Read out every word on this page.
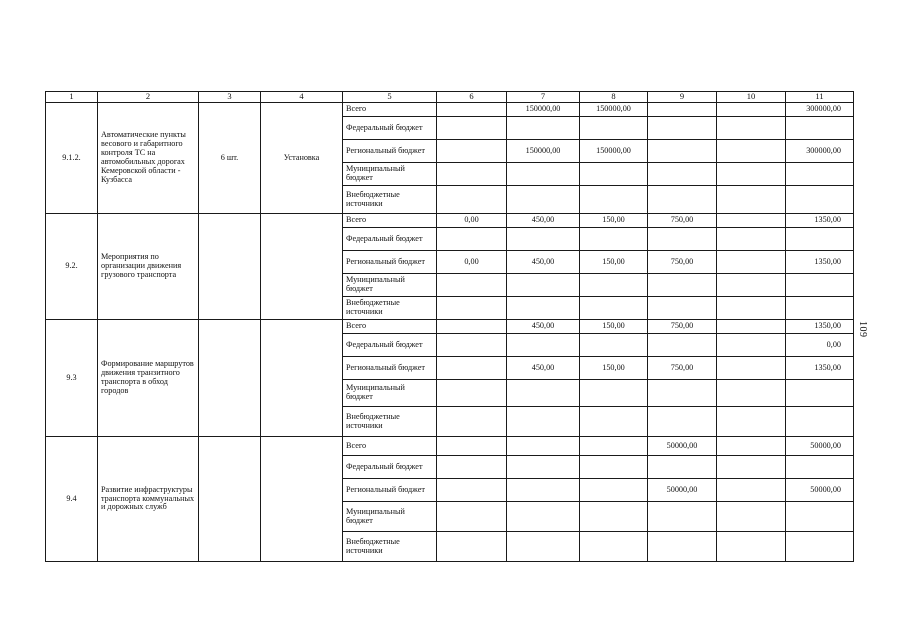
1	2	3	4	5	6	7	8	9	10	11
9.1.2.	Автоматические пункты весового и габаритного контроля ТС на автомобильных дорогах Кемеровской области - Кузбасса	6 шт.	Установка	Всего		150000,00	150000,00			300000,00
				Федеральный бюджет						
				Региональный бюджет		150000,00	150000,00			300000,00
				Муниципальный бюджет						
				Внебюджетные источники						
9.2.	Мероприятия по организации движения грузового транспорта			Всего	0,00	450,00	150,00	750,00		1350,00
				Федеральный бюджет						
				Региональный бюджет	0,00	450,00	150,00	750,00		1350,00
				Муниципальный бюджет						
				Внебюджетные источники						
9.3	Формирование маршрутов движения транзитного транспорта в обход городов			Всего		450,00	150,00	750,00		1350,00
				Федеральный бюджет						0,00
				Региональный бюджет		450,00	150,00	750,00		1350,00
				Муниципальный бюджет						
				Внебюджетные источники						
9.4	Развитие инфраструктуры транспорта коммунальных и дорожных служб			Всего				50000,00		50000,00
				Федеральный бюджет						
				Региональный бюджет				50000,00		50000,00
				Муниципальный бюджет						
				Внебюджетные источники						
109
